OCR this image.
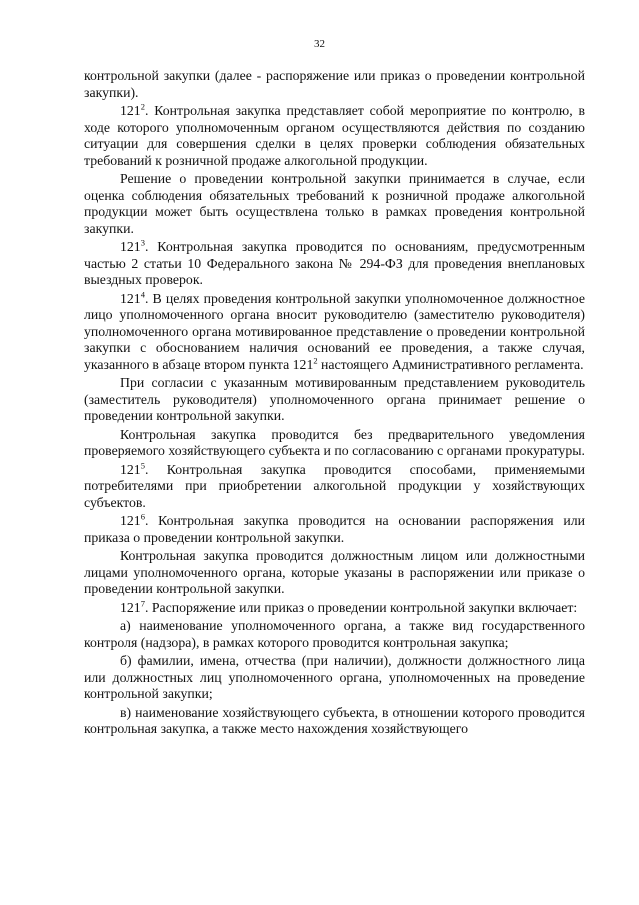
32

контрольной закупки (далее - распоряжение или приказ о проведении контрольной закупки).

$121^2$. Контрольная закупка представляет собой мероприятие по контролю, в ходе которого уполномоченным органом осуществляются действия по созданию ситуации для совершения сделки в целях проверки соблюдения обязательных требований к розничной продаже алкогольной продукции.

Решение о проведении контрольной закупки принимается в случае, если оценка соблюдения обязательных требований к розничной продаже алкогольной продукции может быть осуществлена только в рамках проведения контрольной закупки.

$121^3$. Контрольная закупка проводится по основаниям, предусмотренным частью 2 статьи 10 Федерального закона № 294-ФЗ для проведения внеплановых выездных проверок.

$121^4$. В целях проведения контрольной закупки уполномоченное должностное лицо уполномоченного органа вносит руководителю (заместителю руководителя) уполномоченного органа мотивированное представление о проведении контрольной закупки с обоснованием наличия оснований ее проведения, а также случая, указанного в абзаце втором пункта $121^2$ настоящего Административного регламента.

При согласии с указанным мотивированным представлением руководитель (заместитель руководителя) уполномоченного органа принимает решение о проведении контрольной закупки.

Контрольная закупка проводится без предварительного уведомления проверяемого хозяйствующего субъекта и по согласованию с органами прокуратуры.

$121^5$. Контрольная закупка проводится способами, применяемыми потребителями при приобретении алкогольной продукции у хозяйствующих субъектов.

$121^6$. Контрольная закупка проводится на основании распоряжения или приказа о проведении контрольной закупки.

Контрольная закупка проводится должностным лицом или должностными лицами уполномоченного органа, которые указаны в распоряжении или приказе о проведении контрольной закупки.

$121^7$. Распоряжение или приказ о проведении контрольной закупки включает:

а) наименование уполномоченного органа, а также вид государственного контроля (надзора), в рамках которого проводится контрольная закупка;

б) фамилии, имена, отчества (при наличии), должности должностного лица или должностных лиц уполномоченного органа, уполномоченных на проведение контрольной закупки;

в) наименование хозяйствующего субъекта, в отношении которого проводится контрольная закупка, а также место нахождения хозяйствующего
